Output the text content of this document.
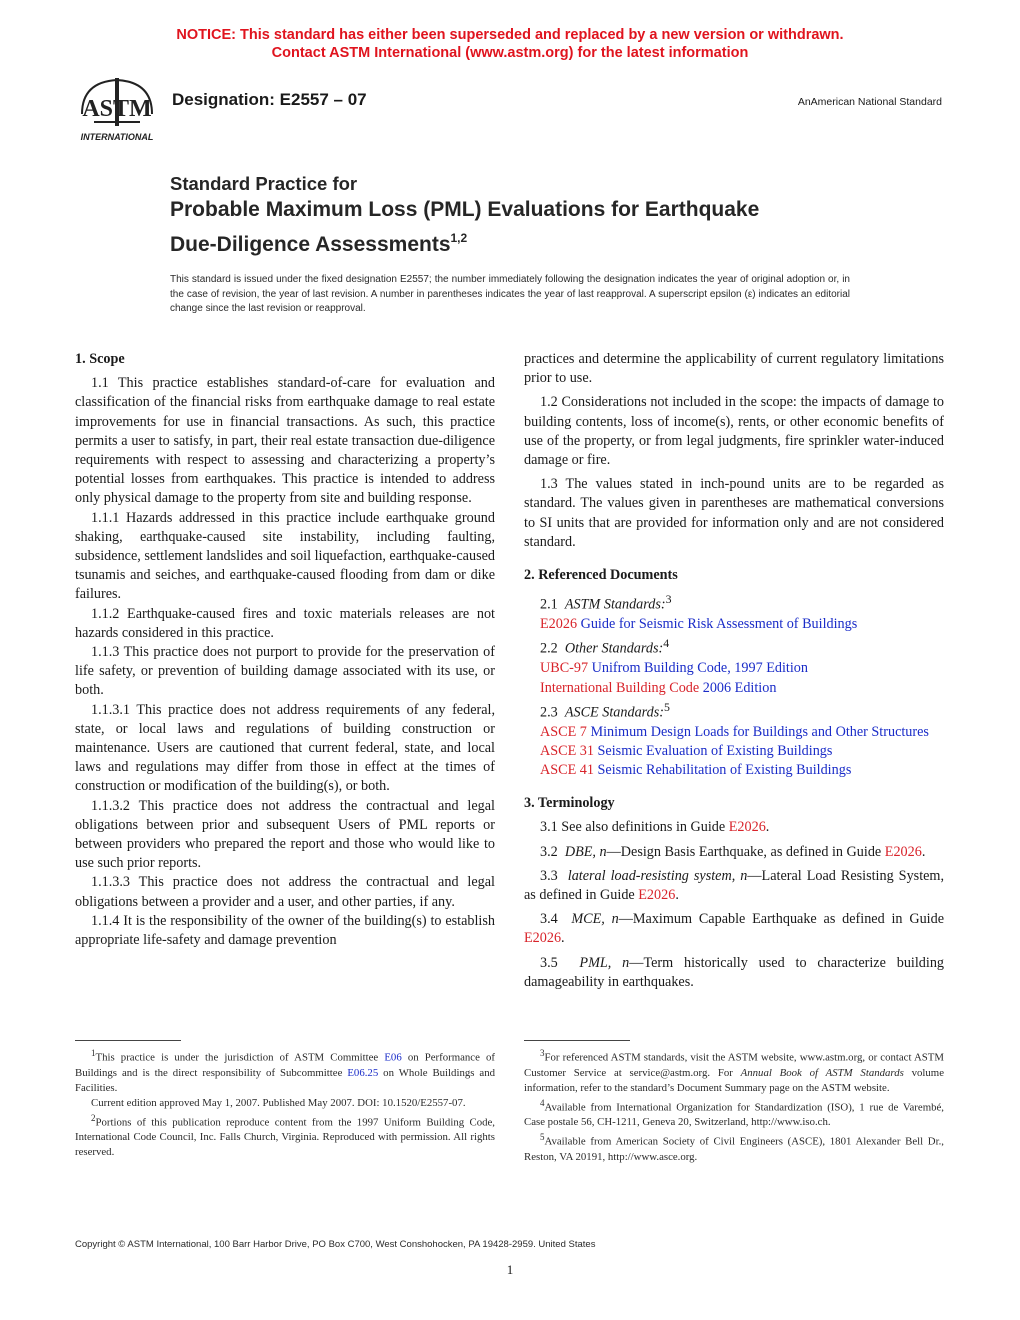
NOTICE: This standard has either been superseded and replaced by a new version or withdrawn.
Contact ASTM International (www.astm.org) for the latest information
ASTM
INTERNATIONAL
Designation: E2557 – 07	AnAmerican National Standard
Standard Practice for
Probable Maximum Loss (PML) Evaluations for Earthquake
Due-Diligence Assessments$^{1,2}$
This standard is issued under the fixed designation E2557; the number immediately following the designation indicates the year of original adoption or, in the case of revision, the year of last revision. A number in parentheses indicates the year of last reapproval. A superscript epsilon (ε) indicates an editorial change since the last revision or reapproval.

1. Scope

1.1 This practice establishes standard-of-care for evaluation and classification of the financial risks from earthquake damage to real estate improvements for use in financial transactions. As such, this practice permits a user to satisfy, in part, their real estate transaction due-diligence requirements with respect to assessing and characterizing a property’s potential losses from earthquakes. This practice is intended to address only physical damage to the property from site and building response.

1.1.1 Hazards addressed in this practice include earthquake ground shaking, earthquake-caused site instability, including faulting, subsidence, settlement landslides and soil liquefaction, earthquake-caused tsunamis and seiches, and earthquake-caused flooding from dam or dike failures.

1.1.2 Earthquake-caused fires and toxic materials releases are not hazards considered in this practice.

1.1.3 This practice does not purport to provide for the preservation of life safety, or prevention of building damage associated with its use, or both.

1.1.3.1 This practice does not address requirements of any federal, state, or local laws and regulations of building construction or maintenance. Users are cautioned that current federal, state, and local laws and regulations may differ from those in effect at the times of construction or modification of the building(s), or both.

1.1.3.2 This practice does not address the contractual and legal obligations between prior and subsequent Users of PML reports or between providers who prepared the report and those who would like to use such prior reports.

1.1.3.3 This practice does not address the contractual and legal obligations between a provider and a user, and other parties, if any.

1.1.4 It is the responsibility of the owner of the building(s) to establish appropriate life-safety and damage prevention

practices and determine the applicability of current regulatory limitations prior to use.

1.2 Considerations not included in the scope: the impacts of damage to building contents, loss of income(s), rents, or other economic benefits of use of the property, or from legal judgments, fire sprinkler water-induced damage or fire.

1.3 The values stated in inch-pound units are to be regarded as standard. The values given in parentheses are mathematical conversions to SI units that are provided for information only and are not considered standard.

2. Referenced Documents

2.1 ASTM Standards:$^3$

E2026 Guide for Seismic Risk Assessment of Buildings

2.2 Other Standards:$^4$

UBC-97 Unifrom Building Code, 1997 Edition

International Building Code 2006 Edition

2.3 ASCE Standards:$^5$

ASCE 7 Minimum Design Loads for Buildings and Other Structures

ASCE 31 Seismic Evaluation of Existing Buildings

ASCE 41 Seismic Rehabilitation of Existing Buildings

3. Terminology

3.1 See also definitions in Guide E2026.

3.2 DBE, n—Design Basis Earthquake, as defined in Guide E2026.

3.3 lateral load-resisting system, n—Lateral Load Resisting System, as defined in Guide E2026.

3.4 MCE, n—Maximum Capable Earthquake as defined in Guide E2026.

3.5 PML, n—Term historically used to characterize building damageability in earthquakes.

$^1$This practice is under the jurisdiction of ASTM Committee E06 on Performance of Buildings and is the direct responsibility of Subcommittee E06.25 on Whole Buildings and Facilities.

Current edition approved May 1, 2007. Published May 2007. DOI: 10.1520/E2557-07.

$^2$Portions of this publication reproduce content from the 1997 Uniform Building Code, International Code Council, Inc. Falls Church, Virginia. Reproduced with permission. All rights reserved.

$^3$For referenced ASTM standards, visit the ASTM website, www.astm.org, or contact ASTM Customer Service at service@astm.org. For Annual Book of ASTM Standards volume information, refer to the standard’s Document Summary page on the ASTM website.

$^4$Available from International Organization for Standardization (ISO), 1 rue de Varembé, Case postale 56, CH-1211, Geneva 20, Switzerland, http://www.iso.ch.

$^5$Available from American Society of Civil Engineers (ASCE), 1801 Alexander Bell Dr., Reston, VA 20191, http://www.asce.org.

Copyright © ASTM International, 100 Barr Harbor Drive, PO Box C700, West Conshohocken, PA 19428-2959. United States
1
